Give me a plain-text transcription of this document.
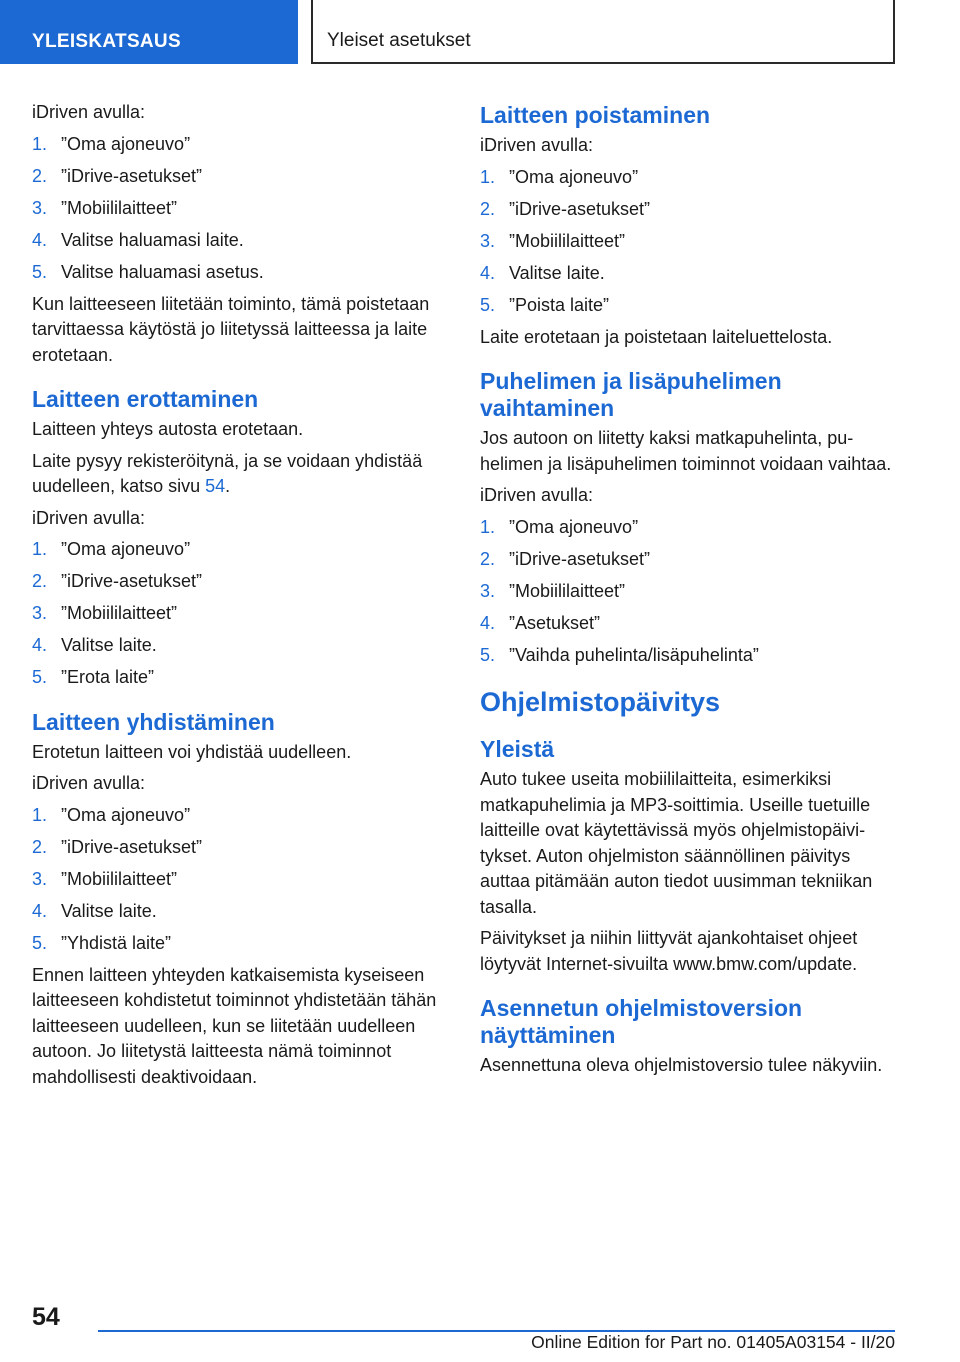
YLEISKATSAUS	Yleiset asetukset

iDriven avulla:

1. ”Oma ajoneuvo”
2. ”iDrive-asetukset”
3. ”Mobiililaitteet”
4. Valitse haluamasi laite.
5. Valitse haluamasi asetus.

Kun laitteeseen liitetään toiminto, tämä poistetaan tarvittaessa käytöstä jo liitetyssä laitteessa ja laite erotetaan.

Laitteen erottaminen

Laitteen yhteys autosta erotetaan.

Laite pysyy rekisteröitynä, ja se voidaan yhdistää uudelleen, katso sivu 54.

iDriven avulla:

1. ”Oma ajoneuvo”
2. ”iDrive-asetukset”
3. ”Mobiililaitteet”
4. Valitse laite.
5. ”Erota laite”
Laitteen yhdistäminen

Erotetun laitteen voi yhdistää uudelleen.

iDriven avulla:

1. ”Oma ajoneuvo”
2. ”iDrive-asetukset”
3. ”Mobiililaitteet”
4. Valitse laite.
5. ”Yhdistä laite”

Ennen laitteen yhteyden katkaisemista kyseiseen laitteeseen kohdistetut toiminnot yhdistetään tähän laitteeseen uudelleen, kun se liitetään uudelleen autoon. Jo liitetystä laitteesta nämä toiminnot mahdollisesti deaktivoidaan.

Laitteen poistaminen

iDriven avulla:

1. ”Oma ajoneuvo”
2. ”iDrive-asetukset”
3. ”Mobiililaitteet”
4. Valitse laite.
5. ”Poista laite”

Laite erotetaan ja poistetaan laiteluettelosta.

Puhelimen ja lisäpuhelimen vaihtaminen

Jos autoon on liitetty kaksi matkapuhelinta, puhelimen ja lisäpuhelimen toiminnot voidaan vaihtaa.

iDriven avulla:

1. ”Oma ajoneuvo”
2. ”iDrive-asetukset”
3. ”Mobiililaitteet”
4. ”Asetukset”
5. ”Vaihda puhelinta/lisäpuhelinta”
Ohjelmistopäivitys
Yleistä

Auto tukee useita mobiililaitteita, esimerkiksi matkapuhelimia ja MP3-soittimia. Useille tuetuille laitteille ovat käytettävissä myös ohjelmistopäivitykset. Auton ohjelmiston säännöllinen päivitys auttaa pitämään auton tiedot uusimman tekniikan tasalla.

Päivitykset ja niihin liittyvät ajankohtaiset ohjeet löytyvät Internet-sivuilta www.bmw.com/update.

Asennetun ohjelmistoversion näyttäminen

Asennettuna oleva ohjelmistoversio tulee näkyviin.

54
Online Edition for Part no. 01405A03154 - II/20
